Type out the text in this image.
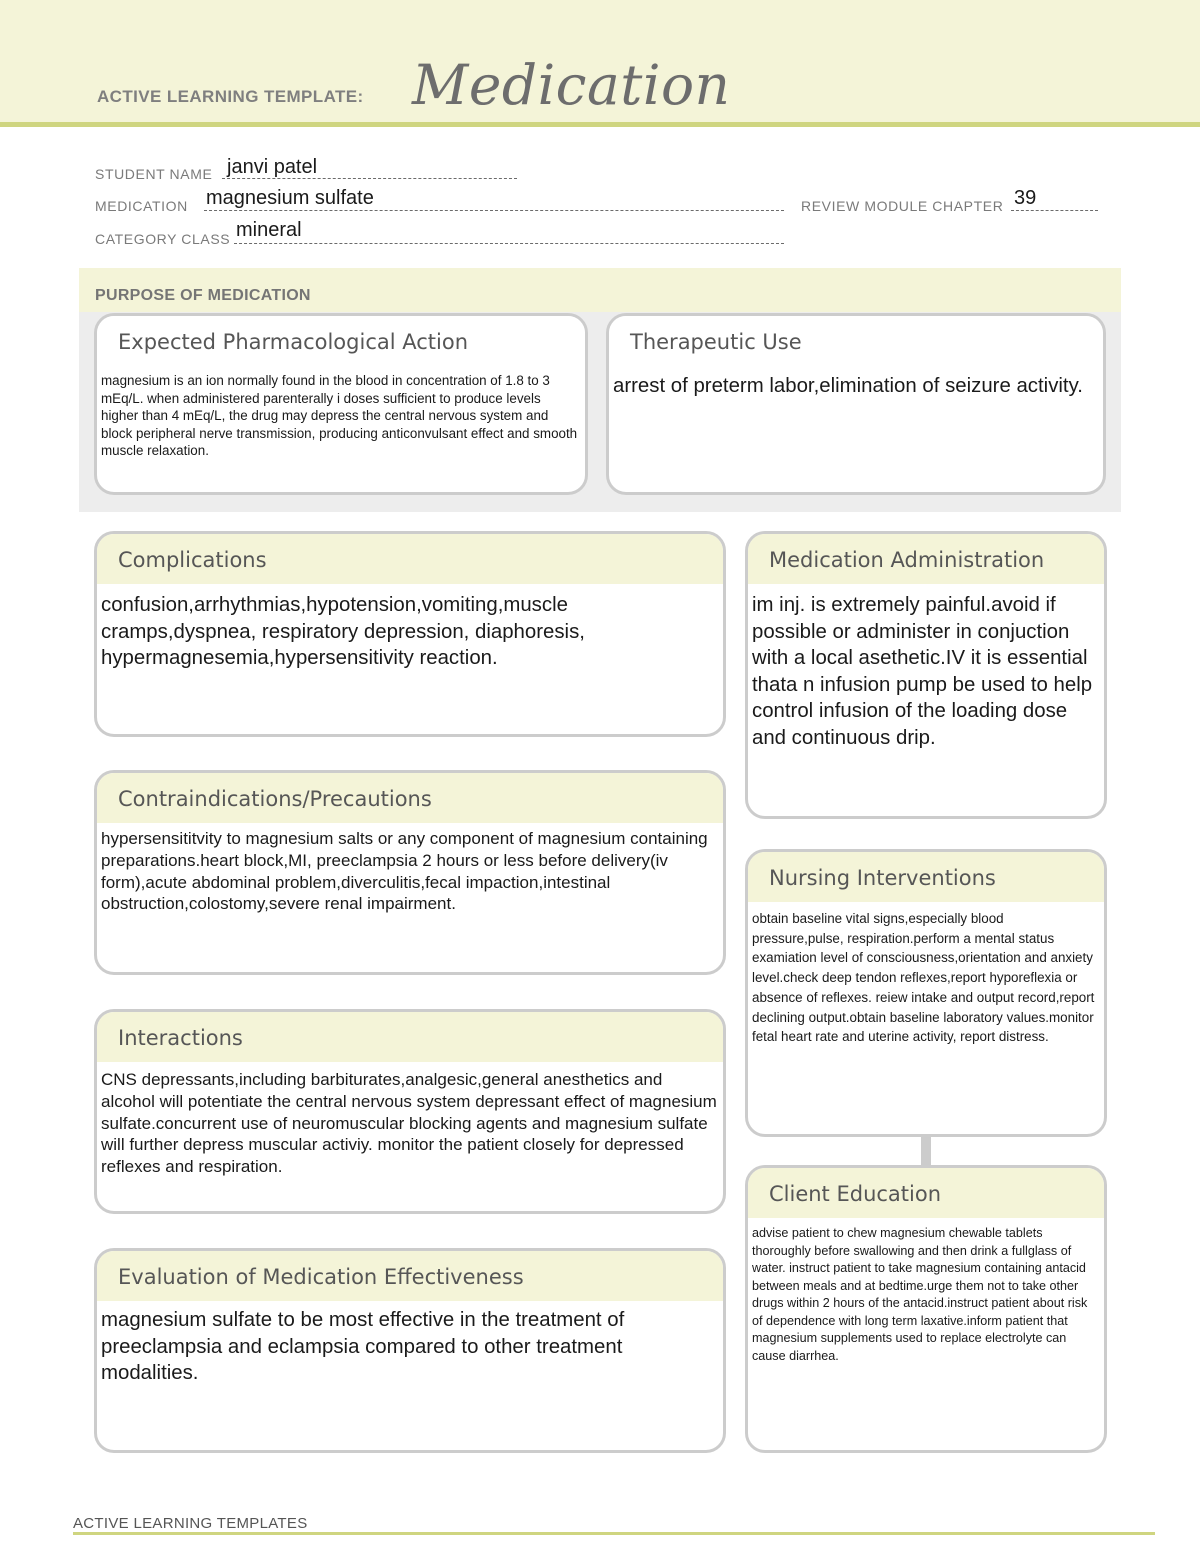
ACTIVE LEARNING TEMPLATE: Medication
STUDENT NAME janvi patel
MEDICATION magnesium sulfate	REVIEW MODULE CHAPTER 39
CATEGORY CLASS mineral
PURPOSE OF MEDICATION
Expected Pharmacological Action
magnesium is an ion normally found in the blood in concentration of 1.8 to 3 mEq/L. when administered parenterally i doses sufficient to produce levels higher than 4 mEq/L, the drug may depress the central nervous system and block peripheral nerve transmission, producing anticonvulsant effect and smooth muscle relaxation.
Therapeutic Use
arrest of preterm labor,elimination of seizure activity.
Complications
confusion,arrhythmias,hypotension,vomiting,muscle cramps,dyspnea, respiratory depression, diaphoresis, hypermagnesemia,hypersensitivity reaction.
Medication Administration
im inj. is extremely painful.avoid if possible or administer in conjuction with a local asethetic.IV it is essential thata n infusion pump be used to help control infusion of the loading dose and continuous drip.
Contraindications/Precautions
hypersensititvity to magnesium salts or any component of magnesium containing preparations.heart block,MI, preeclampsia 2 hours or less before delivery(iv form),acute abdominal problem,diverculitis,fecal impaction,intestinal obstruction,colostomy,severe renal impairment.
Nursing Interventions
obtain baseline vital signs,especially blood pressure,pulse, respiration.perform a mental status examiation level of consciousness,orientation and anxiety level.check deep tendon reflexes,report hyporeflexia or absence of reflexes. reiew intake and output record,report declining output.obtain baseline laboratory values.monitor fetal heart rate and uterine activity, report distress.
Interactions
CNS depressants,including barbiturates,analgesic,general anesthetics and alcohol will potentiate the central nervous system depressant effect of magnesium sulfate.concurrent use of neuromuscular blocking agents and magnesium sulfate will further depress muscular activiy. monitor the patient closely for depressed reflexes and respiration.
Client Education
advise patient to chew magnesium chewable tablets thoroughly before swallowing and then drink a fullglass of water. instruct patient to take magnesium containing antacid between meals and at bedtime.urge them not to take other drugs within 2 hours of the antacid.instruct patient about risk of dependence with long term laxative.inform patient that magnesium supplements used to replace electrolyte can cause diarrhea.
Evaluation of Medication Effectiveness
magnesium sulfate to be most effective in the treatment of preeclampsia and eclampsia compared to other treatment modalities.
ACTIVE LEARNING TEMPLATES
